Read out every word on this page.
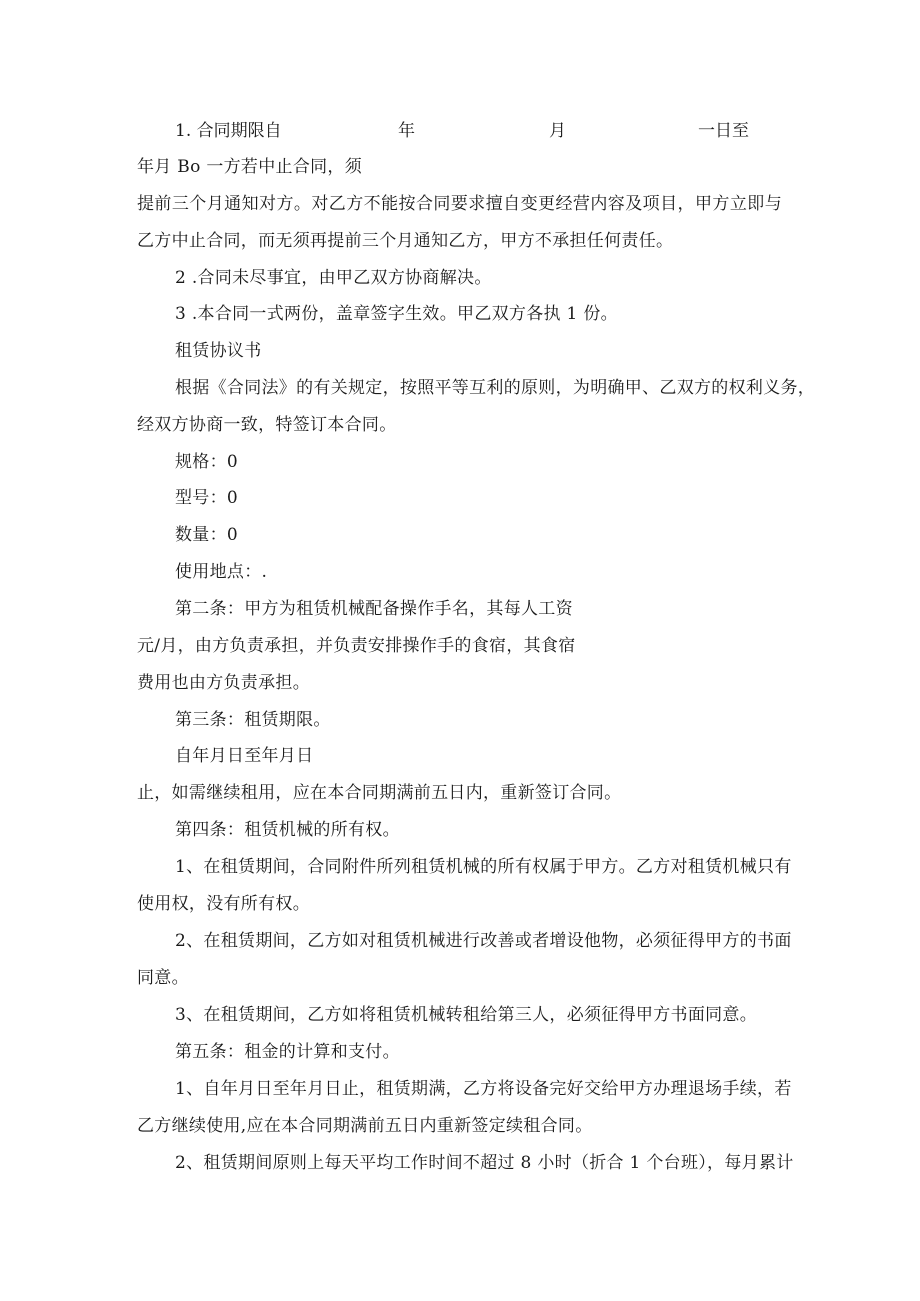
1. 合同期限自	年	月	一日至
年月 Bo 一方若中止合同，须
提前三个月通知对方。对乙方不能按合同要求擅自变更经营内容及项目，甲方立即与
乙方中止合同，而无须再提前三个月通知乙方，甲方不承担任何责任。
2 .合同未尽事宜，由甲乙双方协商解决。
3 .本合同一式两份，盖章签字生效。甲乙双方各执 1 份。
租赁协议书
根据《合同法》的有关规定，按照平等互利的原则，为明确甲、乙双方的权利义务，
经双方协商一致，特签订本合同。
规格：0
型号：0
数量：0
使用地点：.
第二条：甲方为租赁机械配备操作手名，其每人工资
元/月，由方负责承担，并负责安排操作手的食宿，其食宿
费用也由方负责承担。
第三条：租赁期限。
自年月日至年月日
止，如需继续租用，应在本合同期满前五日内，重新签订合同。
第四条：租赁机械的所有权。
1、在租赁期间，合同附件所列租赁机械的所有权属于甲方。乙方对租赁机械只有
使用权，没有所有权。
2、在租赁期间，乙方如对租赁机械进行改善或者增设他物，必须征得甲方的书面
同意。
3、在租赁期间，乙方如将租赁机械转租给第三人，必须征得甲方书面同意。
第五条：租金的计算和支付。
1、自年月日至年月日止，租赁期满，乙方将设备完好交给甲方办理退场手续，若
乙方继续使用,应在本合同期满前五日内重新签定续租合同。
2、租赁期间原则上每天平均工作时间不超过 8 小时（折合 1 个台班），每月累计
